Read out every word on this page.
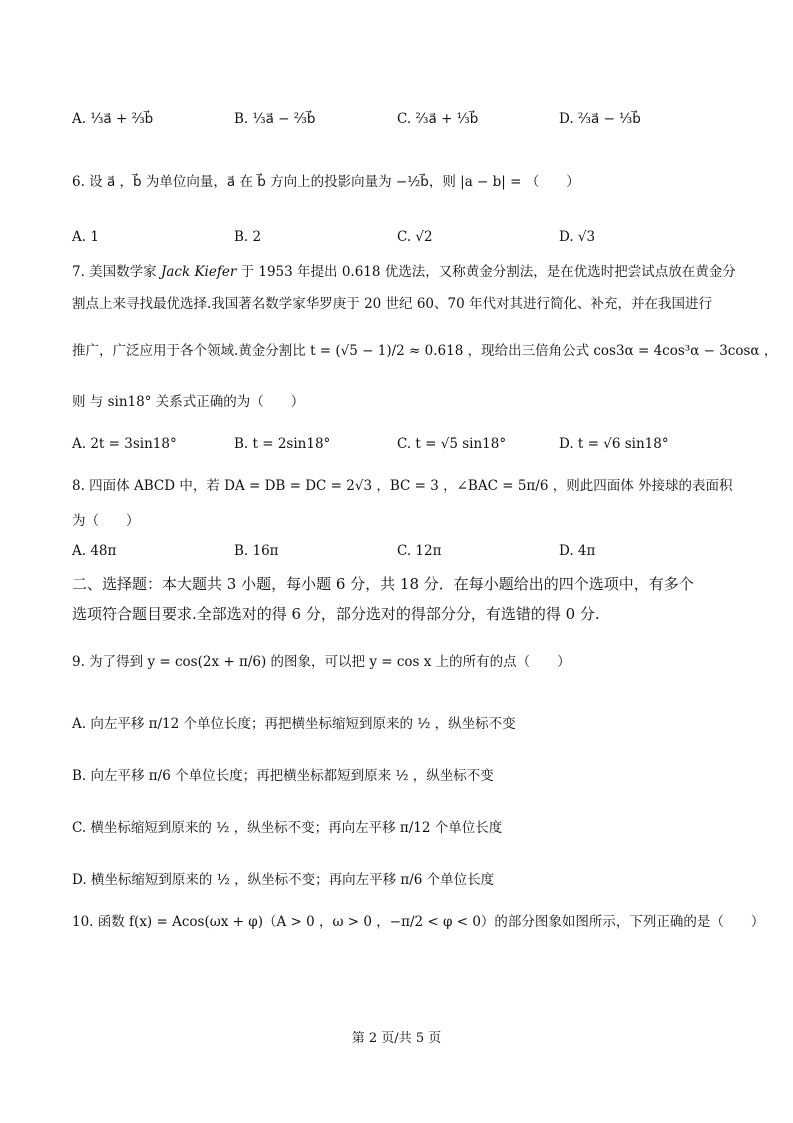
A. ⅓a⃗ + ⅔b⃗	B. ⅓a⃗ − ⅔b⃗	C. ⅔a⃗ + ⅓b⃗	D. ⅔a⃗ − ⅓b⃗
6. 设 a⃗ ，b⃗ 为单位向量，a⃗ 在 b⃗ 方向上的投影向量为 −½b⃗，则 |a − b| = （　　）
A. 1	B. 2	C. √2	D. √3
7. 美国数学家 Jack Kiefer 于 1953 年提出 0.618 优选法，又称黄金分割法，是在优选时把尝试点放在黄金分
割点上来寻找最优选择.我国著名数学家华罗庚于 20 世纪 60、70 年代对其进行简化、补充，并在我国进行
推广，广泛应用于各个领域.黄金分割比 t = (√5 − 1)/2 ≈ 0.618 ，现给出三倍角公式 cos3α = 4cos³α − 3cosα ，
则 与 sin18° 关系式正确的为（　　）
A. 2t = 3sin18°	B. t = 2sin18°	C. t = √5 sin18°	D. t = √6 sin18°
8. 四面体 ABCD 中，若 DA = DB = DC = 2√3 ，BC = 3 ，∠BAC = 5π/6 ，则此四面体 外接球的表面积
为（　　）
A. 48π	B. 16π	C. 12π	D. 4π
二、选择题：本大题共 3 小题，每小题 6 分，共 18 分．在每小题给出的四个选项中，有多个
选项符合题目要求.全部选对的得 6 分，部分选对的得部分分，有选错的得 0 分.
9. 为了得到 y = cos(2x + π/6) 的图象，可以把 y = cos x 上的所有的点（　　）
A. 向左平移 π/12 个单位长度；再把横坐标缩短到原来的 ½ ，纵坐标不变
B. 向左平移 π/6 个单位长度；再把横坐标都短到原来 ½ ，纵坐标不变
C. 横坐标缩短到原来的 ½ ，纵坐标不变；再向左平移 π/12 个单位长度
D. 横坐标缩短到原来的 ½ ，纵坐标不变；再向左平移 π/6 个单位长度
10. 函数 f(x) = Acos(ωx + φ)（A > 0 ，ω > 0 ，−π/2 < φ < 0）的部分图象如图所示，下列正确的是（　　）
第 2 页/共 5 页
